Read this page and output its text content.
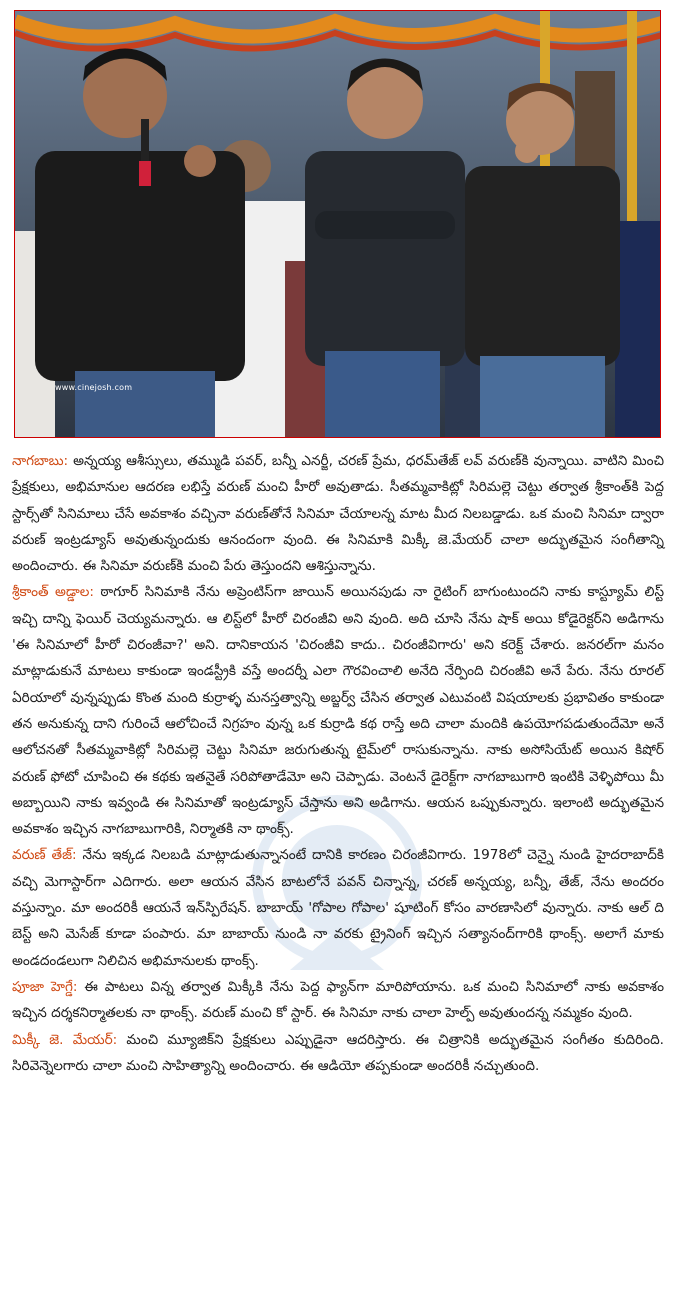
www.cinejosh.com

నాగబాబు: అన్నయ్య ఆశీస్సులు, తమ్ముడి పవర్‌, బన్నీ ఎనర్జీ, చరణ్‌ ప్రేమ, ధరమ్‌తేజ్‌ లవ్‌ వరుణ్‌కి వున్నాయి. వాటిని మించి ప్రేక్షకులు, అభిమానుల ఆదరణ లభిస్తే వరుణ్‌ మంచి హీరో అవుతాడు. సీతమ్మవాకిట్లో సిరిమల్లె చెట్టు తర్వాత శ్రీకాంత్‌కి పెద్ద స్టార్స్‌తో సినిమాలు చేసే అవకాశం వచ్చినా వరుణ్‌తోనే సినిమా చేయాలన్న మాట మీద నిలబడ్డాడు. ఒక మంచి సినిమా ద్వారా వరుణ్‌ ఇంట్రడ్యూస్‌ అవుతున్నందుకు ఆనందంగా వుంది. ఈ సినిమాకి మిక్కీ జె.మేయర్‌ చాలా అద్భుతమైన సంగీతాన్ని అందించారు. ఈ సినిమా వరుణ్‌కి మంచి పేరు తెస్తుందని ఆశిస్తున్నాను.

శ్రీకాంత్‌ అడ్డాల: ఠాగూర్‌ సినిమాకి నేను అప్రెంటిస్‌గా జాయిన్‌ అయినపుడు నా రైటింగ్‌ బాగుంటుందని నాకు కాస్ట్యూమ్‌ లిస్ట్‌ ఇచ్చి దాన్ని ఫెయిర్‌ చెయ్యమన్నారు. ఆ లిస్ట్‌లో హీరో చిరంజీవి అని వుంది. అది చూసి నేను షాక్‌ అయి కోడైరెక్టర్‌ని అడిగాను 'ఈ సినిమాలో హీరో చిరంజీవా?' అని. దానికాయన 'చిరంజీవి కాదు.. చిరంజీవిగారు' అని కరెక్ట్‌ చేశారు. జనరల్‌గా మనం మాట్లాడుకునే మాటలు కాకుండా ఇండస్ట్రీకి వస్తే అందర్నీ ఎలా గౌరవించాలి అనేది నేర్పింది చిరంజీవి అనే పేరు. నేను రూరల్‌ ఏరియాలో వున్నప్పుడు కొంత మంది కుర్రాళ్ళ మనస్తత్వాన్ని అబ్జర్వ్‌ చేసిన తర్వాత ఎటువంటి విషయాలకు ప్రభావితం కాకుండా తన అనుకున్న దాని గురించే ఆలోచించే నిగ్రహం వున్న ఒక కుర్రాడి కథ రాస్తే అది చాలా మందికి ఉపయోగపడుతుందేమో అనే ఆలోచనతో సీతమ్మవాకిట్లో సిరిమల్లె చెట్టు సినిమా జరుగుతున్న టైమ్‌లో రాసుకున్నాను. నాకు అసోసియేట్‌ అయిన కిషోర్‌ వరుణ్‌ ఫోటో చూపించి ఈ కథకు ఇతనైతే సరిపోతాడేమో అని చెప్పాడు. వెంటనే డైరెక్ట్‌గా నాగబాబుగారి ఇంటికి వెళ్ళిపోయి మీ అబ్బాయిని నాకు ఇవ్వండి ఈ సినిమాతో ఇంట్రడ్యూస్‌ చేస్తాను అని అడిగాను. ఆయన ఒప్పుకున్నారు. ఇలాంటి అద్భుతమైన అవకాశం ఇచ్చిన నాగబాబుగారికి, నిర్మాతకి నా థాంక్స్‌.

వరుణ్‌ తేజ్‌: నేను ఇక్కడ నిలబడి మాట్లాడుతున్నానంటే దానికి కారణం చిరంజీవిగారు. 1978లో చెన్నై నుండి హైదరాబాద్‌కి వచ్చి మెగాస్టార్‌గా ఎదిగారు. అలా ఆయన వేసిన బాటలోనే పవన్‌ చిన్నాన్న, చరణ్‌ అన్నయ్య, బన్నీ, తేజ్‌, నేను అందరం వస్తున్నాం. మా అందరికీ ఆయనే ఇన్‌స్పిరేషన్‌. బాబాయ్‌ 'గోపాల గోపాల' షూటింగ్‌ కోసం వారణాసిలో వున్నారు. నాకు ఆల్‌ ది బెస్ట్‌ అని మెసేజ్‌ కూడా పంపారు. మా బాబాయ్‌ నుండి నా వరకు ట్రైనింగ్‌ ఇచ్చిన సత్యానంద్‌గారికి థాంక్స్‌. అలాగే మాకు అండదండలుగా నిలిచిన అభిమానులకు థాంక్స్‌.

పూజా హెగ్డే: ఈ పాటలు విన్న తర్వాత మిక్కీకి నేను పెద్ద ఫ్యాన్‌గా మారిపోయాను. ఒక మంచి సినిమాలో నాకు అవకాశం ఇచ్చిన దర్శకనిర్మాతలకు నా థాంక్స్‌. వరుణ్‌ మంచి కో స్టార్‌. ఈ సినిమా నాకు చాలా హెల్ప్‌ అవుతుందన్న నమ్మకం వుంది.

మిక్కీ జె. మేయర్‌: మంచి మ్యూజిక్‌ని ప్రేక్షకులు ఎప్పుడైనా ఆదరిస్తారు. ఈ చిత్రానికి అద్భుతమైన సంగీతం కుదిరింది. సిరివెన్నెలగారు చాలా మంచి సాహిత్యాన్ని అందించారు. ఈ ఆడియో తప్పకుండా అందరికీ నచ్చుతుంది.
